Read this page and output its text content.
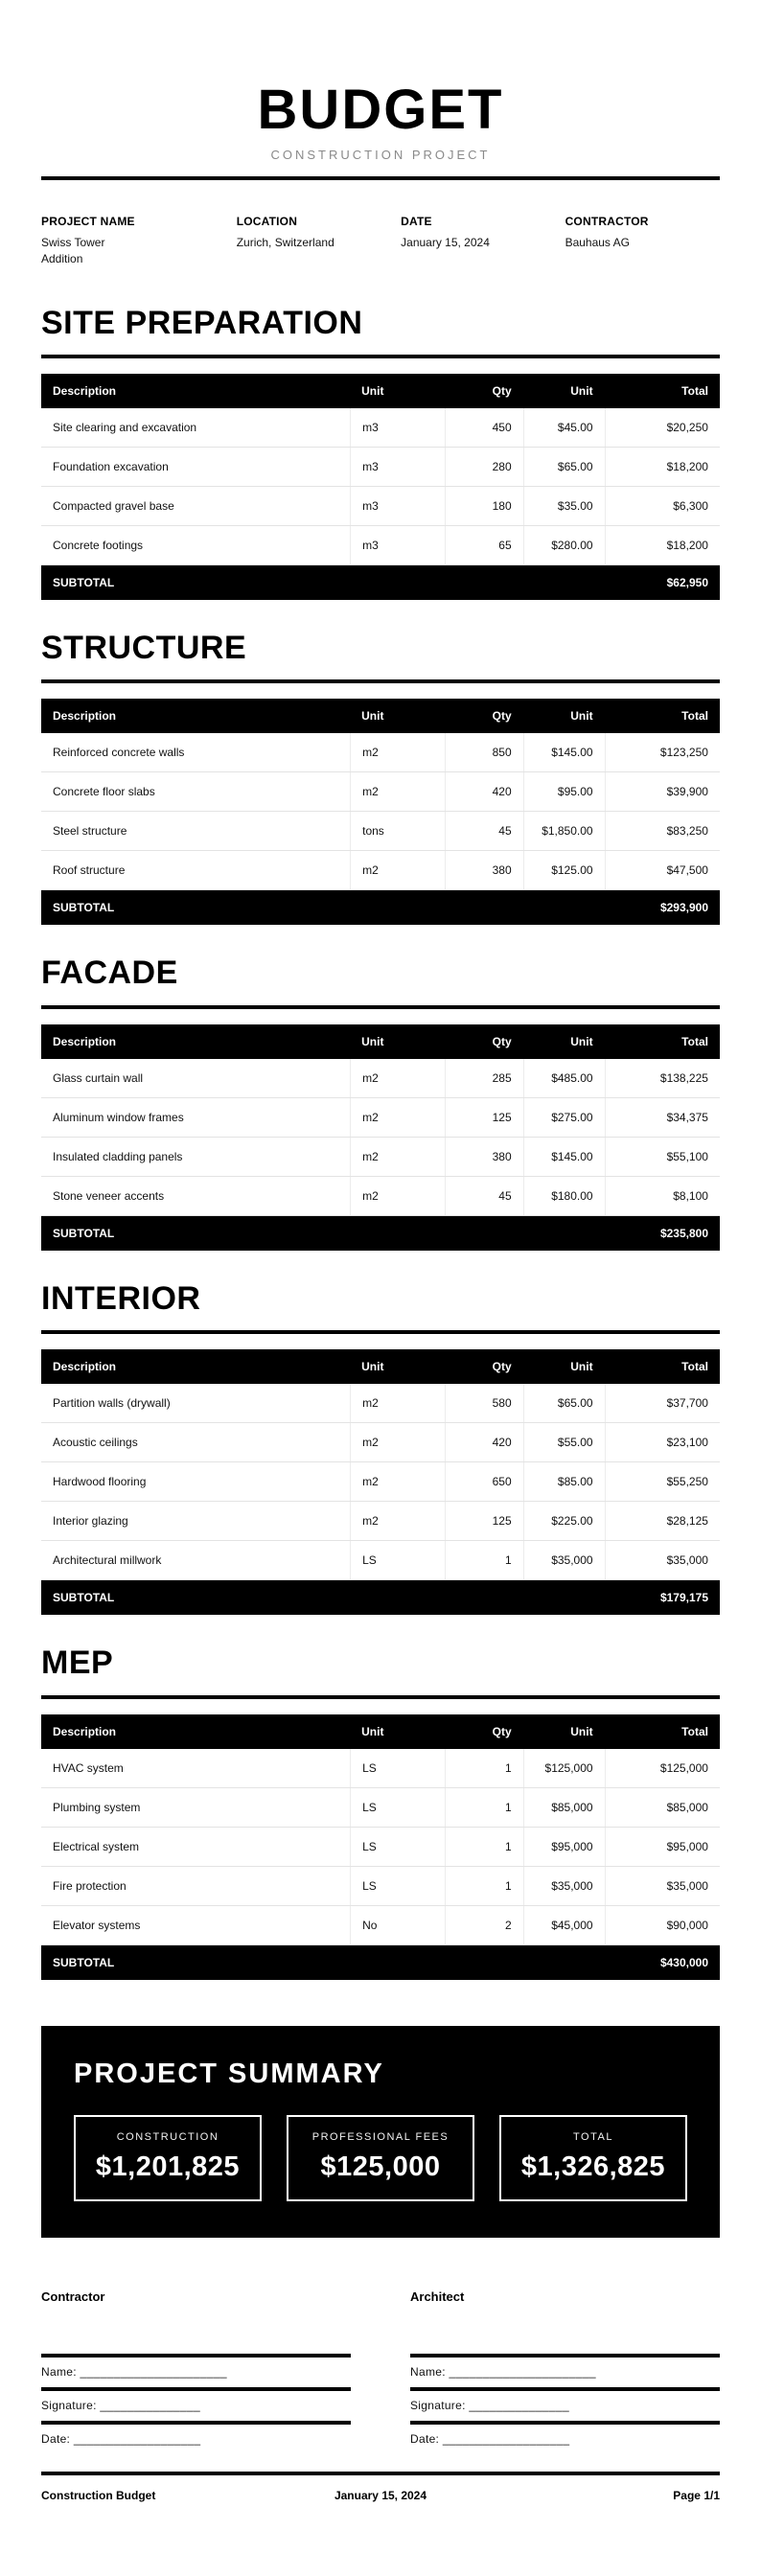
BUDGET
CONSTRUCTION PROJECT
PROJECT NAME
Swiss Tower Addition
LOCATION
Zurich, Switzerland
DATE
January 15, 2024
CONTRACTOR
Bauhaus AG
SITE PREPARATION
Description	Unit	Qty	Unit	Total
Site clearing and excavation	m3	450	$45.00	$20,250
Foundation excavation	m3	280	$65.00	$18,200
Compacted gravel base	m3	180	$35.00	$6,300
Concrete footings	m3	65	$280.00	$18,200
SUBTOTAL	$62,950
STRUCTURE
Description	Unit	Qty	Unit	Total
Reinforced concrete walls	m2	850	$145.00	$123,250
Concrete floor slabs	m2	420	$95.00	$39,900
Steel structure	tons	45	$1,850.00	$83,250
Roof structure	m2	380	$125.00	$47,500
SUBTOTAL	$293,900
FACADE
Description	Unit	Qty	Unit	Total
Glass curtain wall	m2	285	$485.00	$138,225
Aluminum window frames	m2	125	$275.00	$34,375
Insulated cladding panels	m2	380	$145.00	$55,100
Stone veneer accents	m2	45	$180.00	$8,100
SUBTOTAL	$235,800
INTERIOR
Description	Unit	Qty	Unit	Total
Partition walls (drywall)	m2	580	$65.00	$37,700
Acoustic ceilings	m2	420	$55.00	$23,100
Hardwood flooring	m2	650	$85.00	$55,250
Interior glazing	m2	125	$225.00	$28,125
Architectural millwork	LS	1	$35,000	$35,000
SUBTOTAL	$179,175
MEP
Description	Unit	Qty	Unit	Total
HVAC system	LS	1	$125,000	$125,000
Plumbing system	LS	1	$85,000	$85,000
Electrical system	LS	1	$95,000	$95,000
Fire protection	LS	1	$35,000	$35,000
Elevator systems	No	2	$45,000	$90,000
SUBTOTAL	$430,000
PROJECT SUMMARY
CONSTRUCTION
$1,201,825
PROFESSIONAL FEES
$125,000
TOTAL
$1,326,825
Contractor
Name: ______________________
Signature: _______________
Date: ___________________
Architect
Name: ______________________
Signature: _______________
Date: ___________________
Construction Budget	January 15, 2024	Page 1/1
